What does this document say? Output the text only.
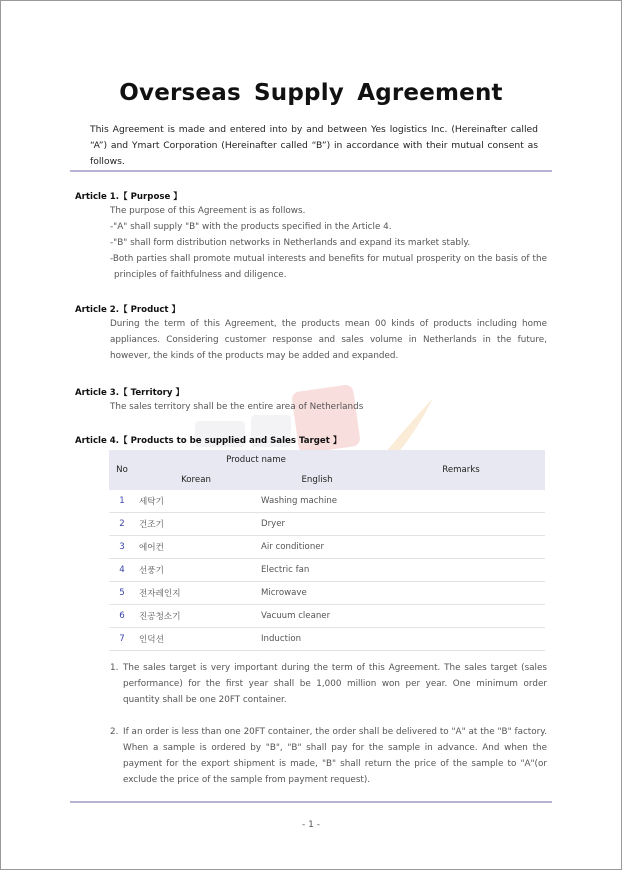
Overseas Supply Agreement
This Agreement is made and entered into by and between Yes logistics Inc. (Hereinafter called “A”) and Ymart Corporation (Hereinafter called “B”) in accordance with their mutual consent as follows.
Article 1.【 Purpose 】

The purpose of this Agreement is as follows.

-"A" shall supply "B" with the products specified in the Article 4.

-"B" shall form distribution networks in Netherlands and expand its market stably.

-Both parties shall promote mutual interests and benefits for mutual prosperity on the basis of the principles of faithfulness and diligence.

Article 2.【 Product 】
During the term of this Agreement, the products mean 00 kinds of products including home appliances. Considering customer response and sales volume in Netherlands in the future, however, the kinds of the products may be added and expanded.
Article 3.【 Territory 】
The sales territory shall be the entire area of Netherlands
Article 4.【 Products to be supplied and Sales Target 】
No	Product name		Remarks
	Korean	English	
1	세탁기	Washing machine	
2	건조기	Dryer	
3	에어컨	Air conditioner	
4	선풍기	Electric fan	
5	전자레인지	Microwave	
6	진공청소기	Vacuum cleaner	
7	인덕션	Induction	
1. The sales target is very important during the term of this Agreement. The sales target (sales performance) for the first year shall be 1,000 million won per year. One minimum order quantity shall be one 20FT container.
2. If an order is less than one 20FT container, the order shall be delivered to "A" at the "B" factory. When a sample is ordered by "B", "B" shall pay for the sample in advance. And when the payment for the export shipment is made, "B" shall return the price of the sample to "A"(or exclude the price of the sample from payment request).
- 1 -
